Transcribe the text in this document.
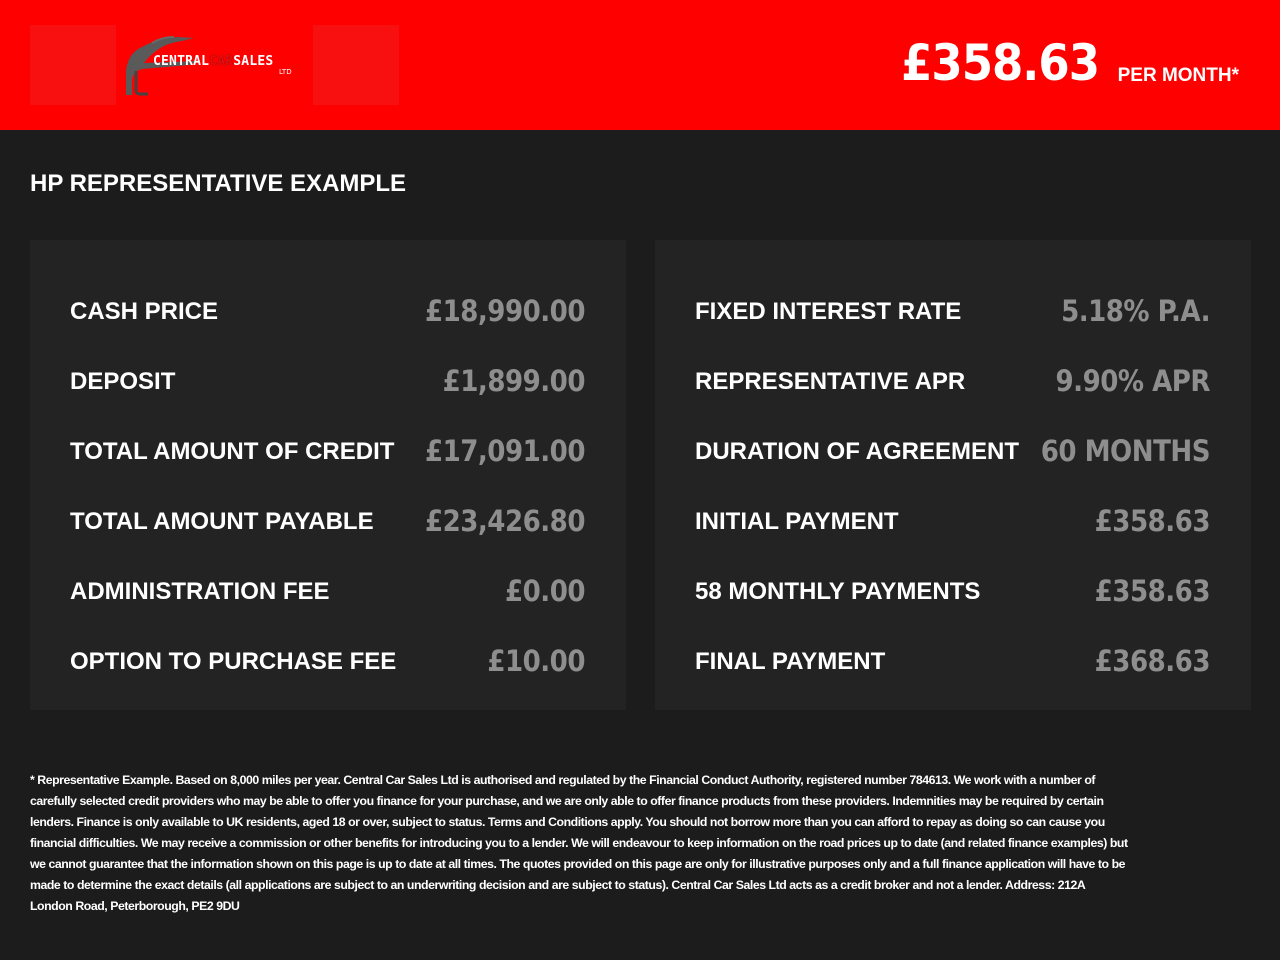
CENTRALCARSALES
LTD	£358.63 PER MONTH*
HP REPRESENTATIVE EXAMPLE
CASH PRICE	£18,990.00
DEPOSIT	£1,899.00
TOTAL AMOUNT OF CREDIT £17,091.00
TOTAL AMOUNT PAYABLE £23,426.80
ADMINISTRATION FEE	£0.00
OPTION TO PURCHASE FEE	£10.00
FIXED INTEREST RATE	5.18% P.A.
REPRESENTATIVE APR	9.90% APR
DURATION OF AGREEMENT 60 MONTHS
INITIAL PAYMENT	£358.63
58 MONTHLY PAYMENTS	£358.63
FINAL PAYMENT	£368.63
* Representative Example. Based on 8,000 miles per year. Central Car Sales Ltd is authorised and regulated by the Financial Conduct Authority, registered number 784613. We work with a number of carefully selected credit providers who may be able to offer you finance for your purchase, and we are only able to offer finance products from these providers. Indemnities may be required by certain lenders. Finance is only available to UK residents, aged 18 or over, subject to status. Terms and Conditions apply. You should not borrow more than you can afford to repay as doing so can cause you financial difficulties. We may receive a commission or other benefits for introducing you to a lender. We will endeavour to keep information on the road prices up to date (and related finance examples) but we cannot guarantee that the information shown on this page is up to date at all times. The quotes provided on this page are only for illustrative purposes only and a full finance application will have to be made to determine the exact details (all applications are subject to an underwriting decision and are subject to status). Central Car Sales Ltd acts as a credit broker and not a lender. Address: 212A London Road, Peterborough, PE2 9DU
